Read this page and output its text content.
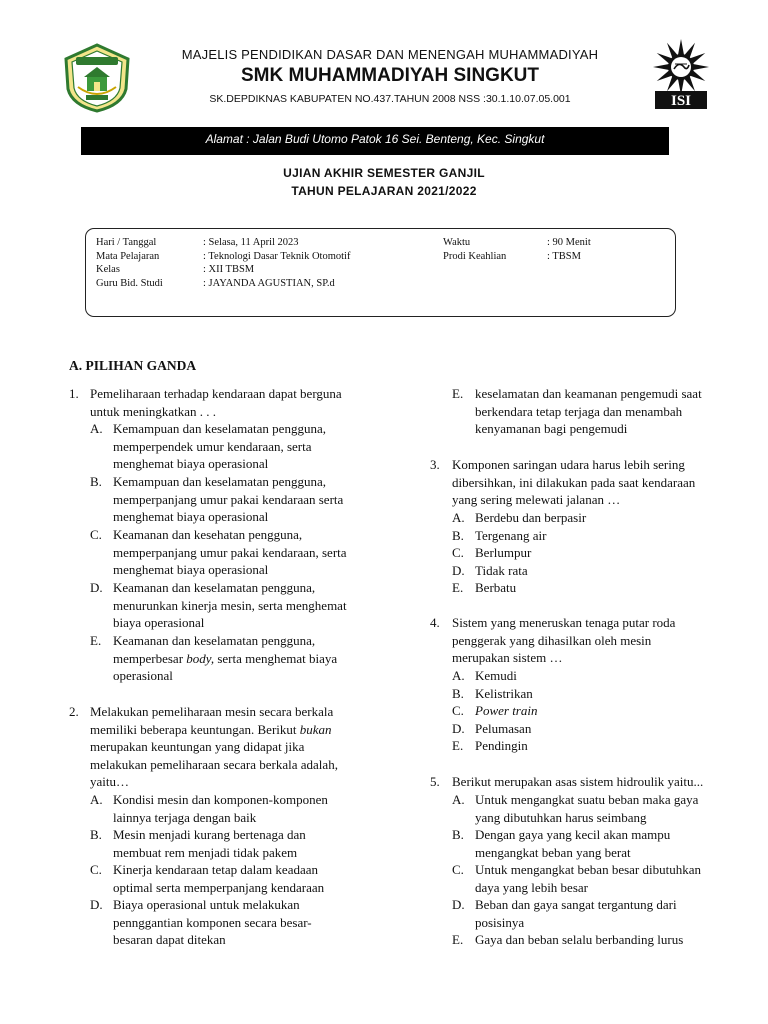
ISI
MAJELIS PENDIDIKAN DASAR DAN MENENGAH MUHAMMADIYAH
SMK MUHAMMADIYAH SINGKUT
SK.DEPDIKNAS KABUPATEN NO.437.TAHUN 2008 NSS :30.1.10.07.05.001
Alamat : Jalan Budi Utomo Patok 16 Sei. Benteng, Kec. Singkut
UJIAN AKHIR SEMESTER GANJIL
TAHUN PELAJARAN 2021/2022
Hari / Tanggal	: Selasa, 11 April 2023
Mata Pelajaran	: Teknologi Dasar Teknik Otomotif
Kelas	: XII TBSM
Guru Bid. Studi	: JAYANDA AGUSTIAN, SP.d
Waktu	: 90 Menit
Prodi Keahlian	: TBSM
A. PILIHAN GANDA
1. Pemeliharaan terhadap kendaraan dapat berguna
untuk meningkatkan . . .
A. Kemampuan dan keselamatan pengguna,
memperpendek umur kendaraan, serta
menghemat biaya operasional
B. Kemampuan dan keselamatan pengguna,
memperpanjang umur pakai kendaraan serta
menghemat biaya operasional
C. Keamanan dan kesehatan pengguna,
memperpanjang umur pakai kendaraan, serta
menghemat biaya operasional
D. Keamanan dan keselamatan pengguna,
menurunkan kinerja mesin, serta menghemat
biaya operasional
E. Keamanan dan keselamatan pengguna,
memperbesar body, serta menghemat biaya
operasional
2. Melakukan pemeliharaan mesin secara berkala
memiliki beberapa keuntungan. Berikut bukan
merupakan keuntungan yang didapat jika
melakukan pemeliharaan secara berkala adalah,
yaitu…
A. Kondisi mesin dan komponen-komponen
lainnya terjaga dengan baik
B. Mesin menjadi kurang bertenaga dan
membuat rem menjadi tidak pakem
C. Kinerja kendaraan tetap dalam keadaan
optimal serta memperpanjang kendaraan
D. Biaya operasional untuk melakukan
pennggantian komponen secara besar-
besaran dapat ditekan
E. keselamatan dan keamanan pengemudi saat
berkendara tetap terjaga dan menambah
kenyamanan bagi pengemudi
3. Komponen saringan udara harus lebih sering
dibersihkan, ini dilakukan pada saat kendaraan
yang sering melewati jalanan …
A. Berdebu dan berpasir
B. Tergenang air
C. Berlumpur
D. Tidak rata
E. Berbatu
4. Sistem yang meneruskan tenaga putar roda
penggerak yang dihasilkan oleh mesin
merupakan sistem …
A. Kemudi
B. Kelistrikan
C. Power train
D. Pelumasan
E. Pendingin
5. Berikut merupakan asas sistem hidroulik yaitu...
A. Untuk mengangkat suatu beban maka gaya
yang dibutuhkan harus seimbang
B. Dengan gaya yang kecil akan mampu
mengangkat beban yang berat
C. Untuk mengangkat beban besar dibutuhkan
daya yang lebih besar
D. Beban dan gaya sangat tergantung dari
posisinya
E. Gaya dan beban selalu berbanding lurus
